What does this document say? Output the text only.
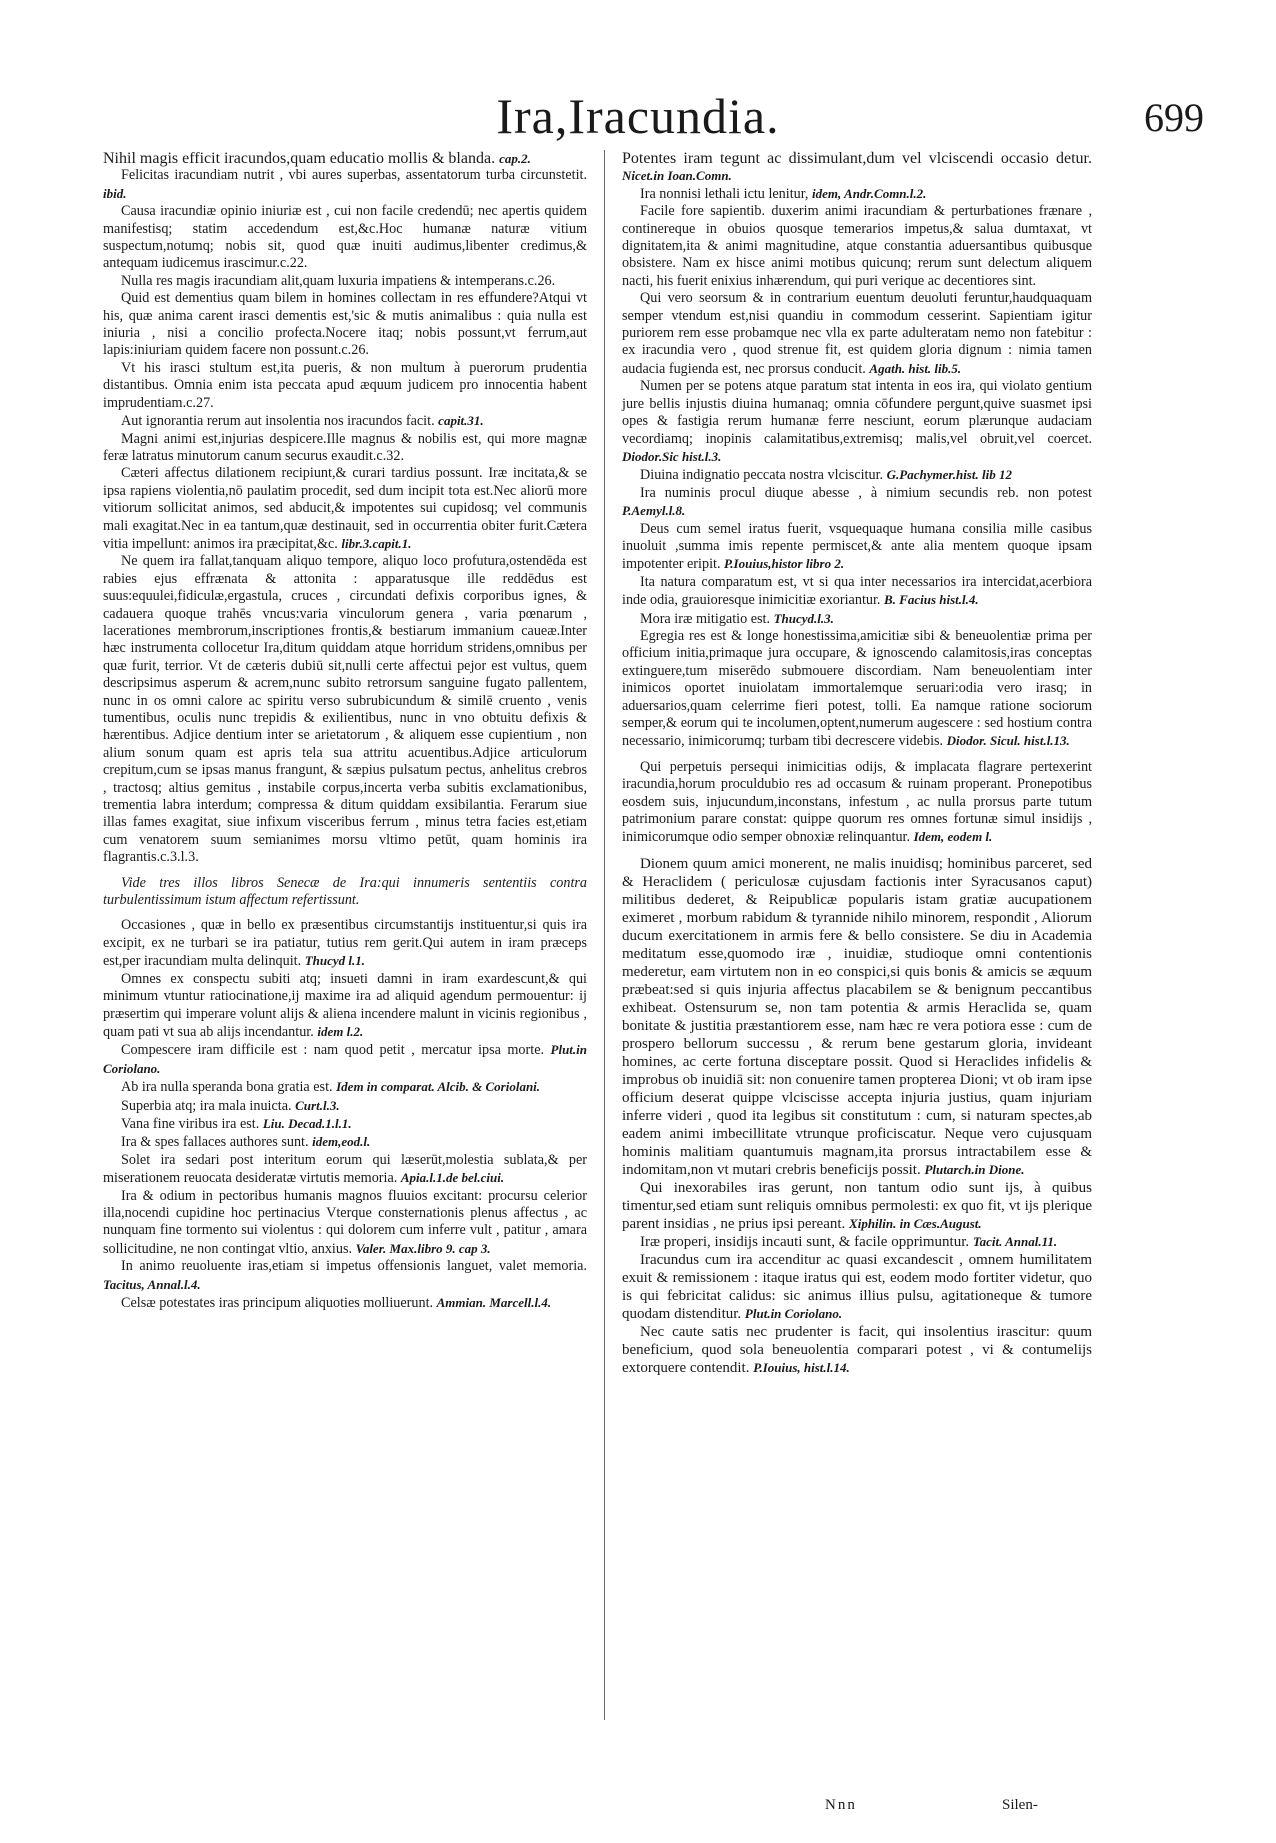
Ira,Iracundia.	699

Nihil magis efficit iracundos,quam educatio mollis & blanda. cap.2.

Felicitas iracundiam nutrit , vbi aures superbas, assentatorum turba circunstetit. ibid.

Causa iracundiæ opinio iniuriæ est , cui non facile credendū; nec apertis quidem manifestisq; statim accedendum est,&c.Hoc humanæ naturæ vitium suspectum,notumq; nobis sit, quod quæ inuiti audimus,libenter credimus,& antequam iudicemus irascimur.c.22.

Nulla res magis iracundiam alit,quam luxuria impatiens & intemperans.c.26.

Quid est dementius quam bilem in homines collectam in res effundere?Atqui vt his, quæ anima carent irasci dementis est,'sic & mutis animalibus : quia nulla est iniuria , nisi a concilio profecta.Nocere itaq; nobis possunt,vt ferrum,aut lapis:iniuriam quidem facere non possunt.c.26.

Vt his irasci stultum est,ita pueris, & non multum à puerorum prudentia distantibus. Omnia enim ista peccata apud æquum judicem pro innocentia habent imprudentiam.c.27.

Aut ignorantia rerum aut insolentia nos iracundos facit. capit.31.

Magni animi est,injurias despicere.Ille magnus & nobilis est, qui more magnæ feræ latratus minutorum canum securus exaudit.c.32.

Cæteri affectus dilationem recipiunt,& curari tardius possunt. Iræ incitata,& se ipsa rapiens violentia,nō paulatim procedit, sed dum incipit tota est.Nec aliorū more vitiorum sollicitat animos, sed abducit,& impotentes sui cupidosq; vel communis mali exagitat.Nec in ea tantum,quæ destinauit, sed in occurrentia obiter furit.Cætera vitia impellunt: animos ira præcipitat,&c. libr.3.capit.1.

Ne quem ira fallat,tanquam aliquo tempore, aliquo loco profutura,ostendēda est rabies ejus effrænata & attonita : apparatusque ille reddēdus est suus:equulei,fidiculæ,ergastula, cruces , circundati defixis corporibus ignes, & cadauera quoque trahēs vncus:varia vinculorum genera , varia pœnarum , lacerationes membrorum,inscriptiones frontis,& bestiarum immanium caueæ.Inter hæc instrumenta collocetur Ira,ditum quiddam atque horridum stridens,omnibus per quæ furit, terrior. Vt de cæteris dubiū sit,nulli certe affectui pejor est vultus, quem descripsimus asperum & acrem,nunc subito retrorsum sanguine fugato pallentem, nunc in os omni calore ac spiritu verso subrubicundum & similē cruento , venis tumentibus, oculis nunc trepidis & exilientibus, nunc in vno obtuitu defixis & hærentibus. Adjice dentium inter se arietatorum , & aliquem esse cupientium , non alium sonum quam est apris tela sua attritu acuentibus.Adjice articulorum crepitum,cum se ipsas manus frangunt, & sæpius pulsatum pectus, anhelitus crebros , tractosq; altius gemitus , instabile corpus,incerta verba subitis exclamationibus, trementia labra interdum; compressa & ditum quiddam exsibilantia. Ferarum siue illas fames exagitat, siue infixum visceribus ferrum , minus tetra facies est,etiam cum venatorem suum semianimes morsu vltimo petūt, quam hominis ira flagrantis.c.3.l.3.

Vide tres illos libros Senecæ de Ira:qui innumeris sententiis contra turbulentissimum istum affectum refertissunt.

Occasiones , quæ in bello ex præsentibus circumstantijs instituentur,si quis ira excipit, ex ne turbari se ira patiatur, tutius rem gerit.Qui autem in iram præceps est,per iracundiam multa delinquit. Thucyd l.1.

Omnes ex conspectu subiti atq; insueti damni in iram exardescunt,& qui minimum vtuntur ratiocinatione,ij maxime ira ad aliquid agendum permouentur: ij præsertim qui imperare volunt alijs & aliena incendere malunt in vicinis regionibus , quam pati vt sua ab alijs incendantur. idem l.2.

Compescere iram difficile est : nam quod petit , mercatur ipsa morte. Plut.in Coriolano.

Ab ira nulla speranda bona gratia est. Idem in comparat. Alcib. & Coriolani.

Superbia atq; ira mala inuicta. Curt.l.3.

Vana fine viribus ira est. Liu. Decad.1.l.1.

Ira & spes fallaces authores sunt. idem,eod.l.

Solet ira sedari post interitum eorum qui læserūt,molestia sublata,& per miserationem reuocata desideratæ virtutis memoria. Apia.l.1.de bel.ciui.

Ira & odium in pectoribus humanis magnos fluuios excitant: procursu celerior illa,nocendi cupidine hoc pertinacius Vterque consternationis plenus affectus , ac nunquam fine tormento sui violentus : qui dolorem cum inferre vult , patitur , amara sollicitudine, ne non contingat vltio, anxius. Valer. Max.libro 9. cap 3.

In animo reuoluente iras,etiam si impetus offensionis languet, valet memoria. Tacitus, Annal.l.4.

Celsæ potestates iras principum aliquoties molliuerunt. Ammian. Marcell.l.4.

Potentes iram tegunt ac dissimulant,dum vel vlciscendi occasio detur. Nicet.in Ioan.Comn.

Ira nonnisi lethali ictu lenitur, idem, Andr.Comn.l.2.

Facile fore sapientib. duxerim animi iracundiam & perturbationes frænare , continereque in obuios quosque temerarios impetus,& salua dumtaxat, vt dignitatem,ita & animi magnitudine, atque constantia aduersantibus quibusque obsistere. Nam ex hisce animi motibus quicunq; rerum sunt delectum aliquem nacti, his fuerit enixius inhærendum, qui puri verique ac decentiores sint.

Qui vero seorsum & in contrarium euentum deuoluti feruntur,haudquaquam semper vtendum est,nisi quandiu in commodum cesserint. Sapientiam igitur puriorem rem esse probamque nec vlla ex parte adulteratam nemo non fatebitur : ex iracundia vero , quod strenue fit, est quidem gloria dignum : nimia tamen audacia fugienda est, nec prorsus conducit. Agath. hist. lib.5.

Numen per se potens atque paratum stat intenta in eos ira, qui violato gentium jure bellis injustis diuina humanaq; omnia cōfundere pergunt,quive suasmet ipsi opes & fastigia rerum humanæ ferre nesciunt, eorum plærunque audaciam vecordiamq; inopinis calamitatibus,extremisq; malis,vel obruit,vel coercet. Diodor.Sic hist.l.3.

Diuina indignatio peccata nostra vlciscitur. G.Pachymer.hist. lib 12

Ira numinis procul diuque abesse , à nimium secundis reb. non potest P.Aemyl.l.8.

Deus cum semel iratus fuerit, vsquequaque humana consilia mille casibus inuoluit ,summa imis repente permiscet,& ante alia mentem quoque ipsam impotenter eripit. P.Iouius,histor libro 2.

Ita natura comparatum est, vt si qua inter necessarios ira intercidat,acerbiora inde odia, grauioresque inimicitiæ exoriantur. B. Facius hist.l.4.

Mora iræ mitigatio est. Thucyd.l.3.

Egregia res est & longe honestissima,amicitiæ sibi & beneuolentiæ prima per officium initia,primaque jura occupare, & ignoscendo calamitosis,iras conceptas extinguere,tum miserēdo submouere discordiam. Nam beneuolentiam inter inimicos oportet inuiolatam immortalemque seruari:odia vero irasq; in aduersarios,quam celerrime fieri potest, tolli. Ea namque ratione sociorum semper,& eorum qui te incolumen,optent,numerum augescere : sed hostium contra necessario, inimicorumq; turbam tibi decrescere videbis. Diodor. Sicul. hist.l.13.

Qui perpetuis persequi inimicitias odijs, & implacata flagrare pertexerint iracundia,horum proculdubio res ad occasum & ruinam properant. Pronepotibus eosdem suis, injucundum,inconstans, infestum , ac nulla prorsus parte tutum patrimonium parare constat: quippe quorum res omnes fortunæ simul insidijs , inimicorumque odio semper obnoxiæ relinquantur. Idem, eodem l.

Dionem quum amici monerent, ne malis inuidisq; hominibus parceret, sed & Heraclidem ( periculosæ cujusdam factionis inter Syracusanos caput) militibus dederet, & Reipublicæ popularis istam gratiæ aucupationem eximeret , morbum rabidum & tyrannide nihilo minorem, respondit , Aliorum ducum exercitationem in armis fere & bello consistere. Se diu in Academia meditatum esse,quomodo iræ , inuidiæ, studioque omni contentionis mederetur, eam virtutem non in eo conspici,si quis bonis & amicis se æquum præbeat:sed si quis injuria affectus placabilem se & benignum peccantibus exhibeat. Ostensurum se, non tam potentia & armis Heraclida se, quam bonitate & justitia præstantiorem esse, nam hæc re vera potiora esse : cum de prospero bellorum successu , & rerum bene gestarum gloria, invideant homines, ac certe fortuna disceptare possit. Quod si Heraclides infidelis & improbus ob inuidiā sit: non conuenire tamen propterea Dioni; vt ob iram ipse officium deserat quippe vlciscisse accepta injuria justius, quam injuriam inferre videri , quod ita legibus sit constitutum : cum, si naturam spectes,ab eadem animi imbecillitate vtrunque proficiscatur. Neque vero cujusquam hominis malitiam quantumuis magnam,ita prorsus intractabilem esse & indomitam,non vt mutari crebris beneficijs possit. Plutarch.in Dione.

Qui inexorabiles iras gerunt, non tantum odio sunt ijs, à quibus timentur,sed etiam sunt reliquis omnibus permolesti: ex quo fit, vt ijs plerique parent insidias , ne prius ipsi pereant. Xiphilin. in Cæs.August.

Iræ properi, insidijs incauti sunt, & facile opprimuntur. Tacit. Annal.11.

Iracundus cum ira accenditur ac quasi excandescit , omnem humilitatem exuit & remissionem : itaque iratus qui est, eodem modo fortiter videtur, quo is qui febricitat calidus: sic animus illius pulsu, agitationeque & tumore quodam distenditur. Plut.in Coriolano.

Nec caute satis nec prudenter is facit, qui insolentius irascitur: quum beneficium, quod sola beneuolentia comparari potest , vi & contumelijs extorquere contendit. P.Iouius, hist.l.14.

Nnn	Silen-
